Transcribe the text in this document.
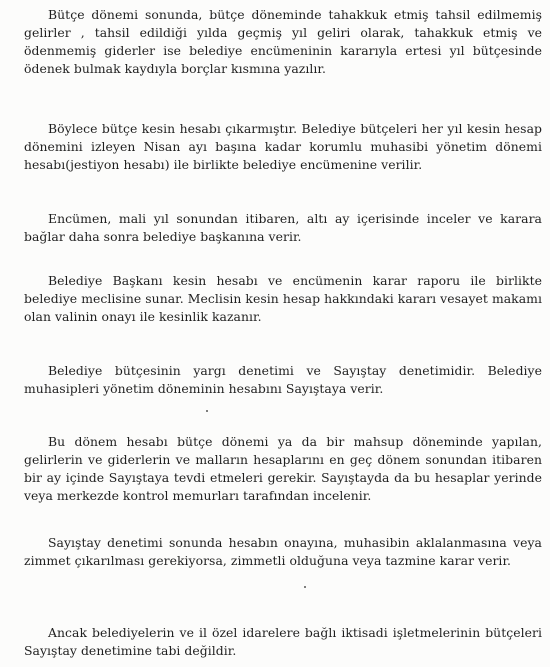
Bütçe dönemi sonunda, bütçe döneminde tahakkuk etmiş tahsil edilmemiş gelirler , tahsil edildiği yılda geçmiş yıl geliri olarak, tahakkuk etmiş ve ödenmemiş giderler ise belediye encümeninin kararıyla ertesi yıl bütçesinde ödenek bulmak kaydıyla borçlar kısmına yazılır.

Böylece bütçe kesin hesabı çıkarmıştır. Belediye bütçeleri her yıl kesin hesap dönemini izleyen Nisan ayı başına kadar korumlu muhasibi yönetim dönemi hesabı(jestiyon hesabı) ile birlikte belediye encümenine verilir.

Encümen, mali yıl sonundan itibaren, altı ay içerisinde inceler ve karara bağlar daha sonra belediye başkanına verir.

Belediye Başkanı kesin hesabı ve encümenin karar raporu ile birlikte belediye meclisine sunar. Meclisin kesin hesap hakkındaki kararı vesayet makamı olan valinin onayı ile kesinlik kazanır.

Belediye bütçesinin yargı denetimi ve Sayıştay denetimidir. Belediye muhasipleri yönetim döneminin hesabını Sayıştaya verir.

Bu dönem hesabı bütçe dönemi ya da bir mahsup döneminde yapılan, gelirlerin ve giderlerin ve malların hesaplarını en geç dönem sonundan itibaren bir ay içinde Sayıştaya tevdi etmeleri gerekir. Sayıştayda da bu hesaplar yerinde veya merkezde kontrol memurları tarafından incelenir.

Sayıştay denetimi sonunda hesabın onayına, muhasibin aklalanmasına veya zimmet çıkarılması gerekiyorsa, zimmetli olduğuna veya tazmine karar verir.

Ancak belediyelerin ve il özel idarelere bağlı iktisadi işletmelerinin bütçeleri Sayıştay denetimine tabi değildir.
